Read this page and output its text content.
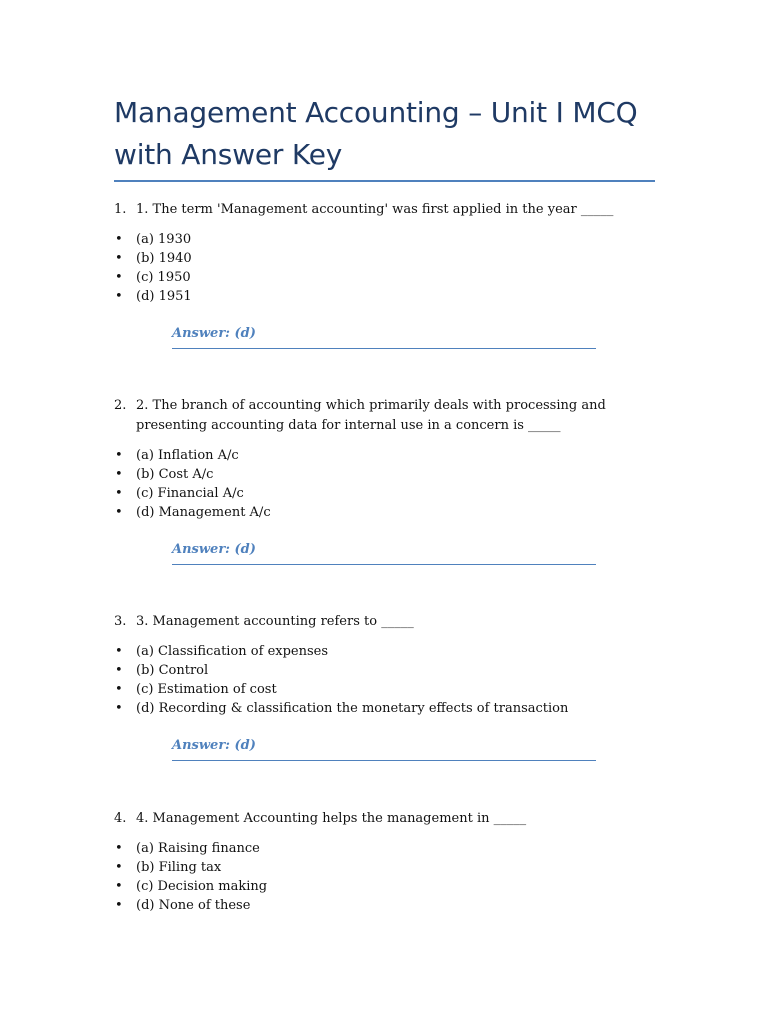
Management Accounting – Unit I MCQ with Answer Key
1. 1. The term 'Management accounting' was first applied in the year _____
• (a) 1930
• (b) 1940
• (c) 1950
• (d) 1951
Answer: (d)
2. 2. The branch of accounting which primarily deals with processing and presenting accounting data for internal use in a concern is _____
• (a) Inflation A/c
• (b) Cost A/c
• (c) Financial A/c
• (d) Management A/c
Answer: (d)
3. 3. Management accounting refers to _____
• (a) Classification of expenses
• (b) Control
• (c) Estimation of cost
• (d) Recording & classification the monetary effects of transaction
Answer: (d)
4. 4. Management Accounting helps the management in _____
• (a) Raising finance
• (b) Filing tax
• (c) Decision making
• (d) None of these
